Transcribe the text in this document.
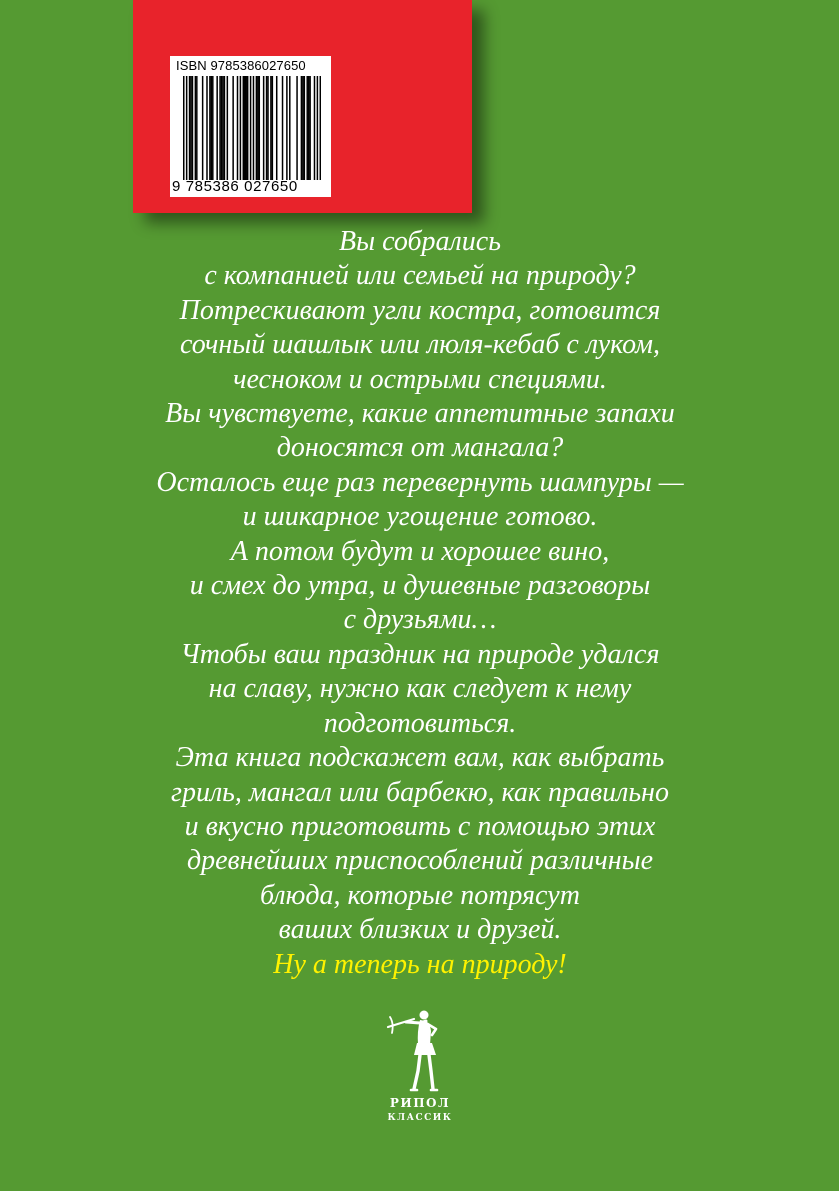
ISBN 9785386027650
9 785386 027650
Вы собрались
с компанией или семьей на природу?
Потрескивают угли костра, готовится
сочный шашлык или люля-кебаб с луком,
чесноком и острыми специями.
Вы чувствуете, какие аппетитные запахи
доносятся от мангала?
Осталось еще раз перевернуть шампуры —
и шикарное угощение готово.
А потом будут и хорошее вино,
и смех до утра, и душевные разговоры
с друзьями…
Чтобы ваш праздник на природе удался
на славу, нужно как следует к нему
подготовиться.
Эта книга подскажет вам, как выбрать
гриль, мангал или барбекю, как правильно
и вкусно приготовить с помощью этих
древнейших приспособлений различные
блюда, которые потрясут
ваших близких и друзей.
Ну а теперь на природу!
РИПОЛ
КЛАССИК
